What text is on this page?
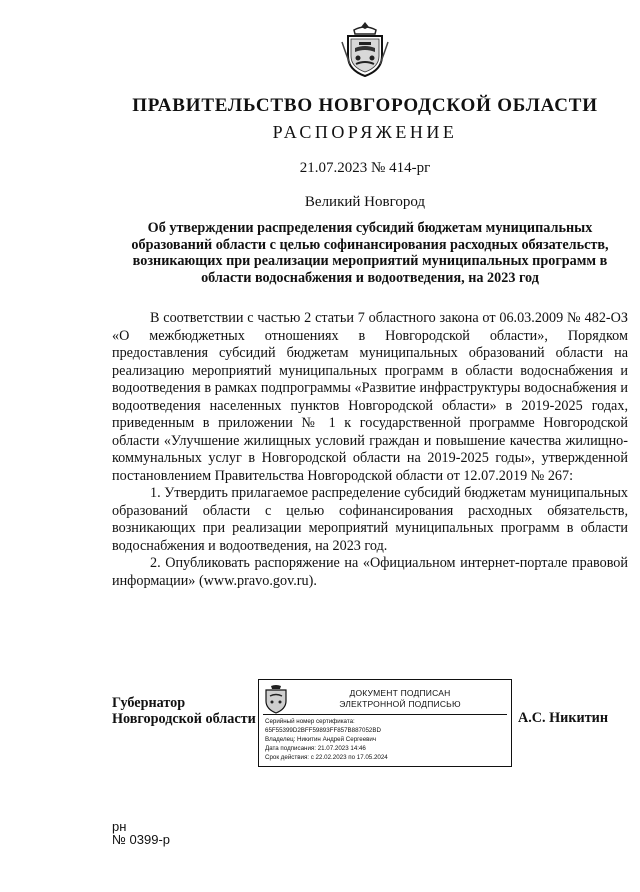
ПРАВИТЕЛЬСТВО НОВГОРОДСКОЙ ОБЛАСТИ
РАСПОРЯЖЕНИЕ
21.07.2023 № 414-рг
Великий Новгород
Об утверждении распределения субсидий бюджетам муниципальных образований области с целью софинансирования расходных обязательств, возникающих при реализации мероприятий муниципальных программ в области водоснабжения и водоотведения, на 2023 год

В соответствии с частью 2 статьи 7 областного закона от 06.03.2009 № 482-ОЗ «О межбюджетных отношениях в Новгородской области», Порядком предоставления субсидий бюджетам муниципальных образований области на реализацию мероприятий муниципальных программ в области водоснабжения и водоотведения в рамках подпрограммы «Развитие инфраструктуры водоснабжения и водоотведения населенных пунктов Новгородской области» в 2019-2025 годах, приведенным в приложении № 1 к государственной программе Новгородской области «Улучшение жилищных условий граждан и повышение качества жилищно-коммунальных услуг в Новгородской области на 2019-2025 годы», утвержденной постановлением Правительства Новгородской области от 12.07.2019 № 267:

1. Утвердить прилагаемое распределение субсидий бюджетам муниципальных образований области с целью софинансирования расходных обязательств, возникающих при реализации мероприятий муниципальных программ в области водоснабжения и водоотведения, на 2023 год.

2. Опубликовать распоряжение на «Официальном интернет-портале правовой информации» (www.pravo.gov.ru).

Губернатор
Новгородской области
ДОКУМЕНТ ПОДПИСАН
ЭЛЕКТРОННОЙ ПОДПИСЬЮ
Серийный номер сертификата:
65F55399D2BFF59893FF857B887052BD
Владелец: Никитин Андрей Сергеевич
Дата подписания: 21.07.2023 14:46
Срок действия: с 22.02.2023 по 17.05.2024
А.С. Никитин
рн
№ 0399-р
